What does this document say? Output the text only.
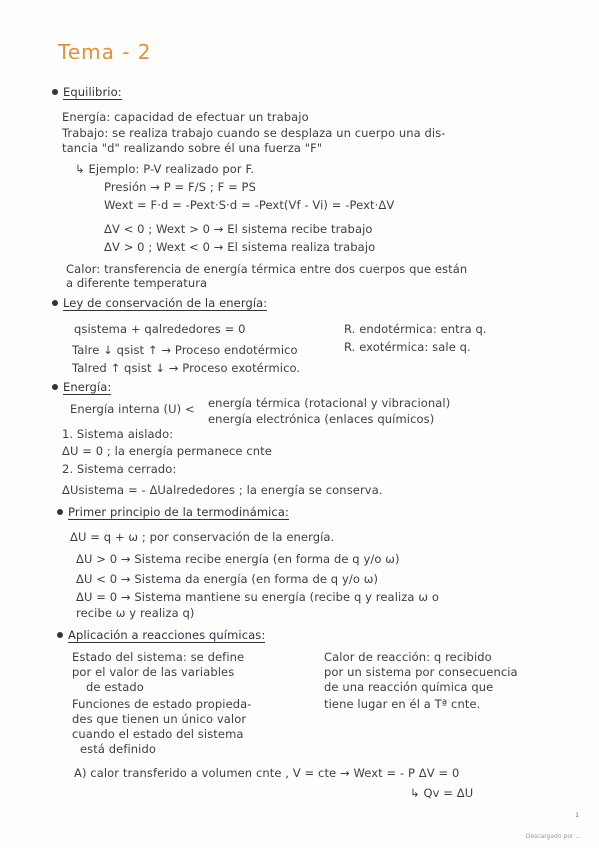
Tema - 2
Equilibrio:
Energía: capacidad de efectuar un trabajo
Trabajo: se realiza trabajo cuando se desplaza un cuerpo una dis-
tancia "d" realizando sobre él una fuerza "F"
↳ Ejemplo: P-V realizado por F.
Presión → P = F/S ; F = PS
Wext = F·d = -Pext·S·d = -Pext(Vf - Vi) = -Pext·ΔV
ΔV < 0 ; Wext > 0 → El sistema recibe trabajo
ΔV > 0 ; Wext < 0 → El sistema realiza trabajo
Calor: transferencia de energía térmica entre dos cuerpos que están
a diferente temperatura
Ley de conservación de la energía:
qsistema + qalrededores = 0
Talre ↓ qsist ↑ → Proceso endotérmico
Talred ↑ qsist ↓ → Proceso exotérmico.
R. endotérmica: entra q.
R. exotérmica: sale q.
Energía:
Energía interna (U) < energía térmica (rotacional y vibracional)
energía electrónica (enlaces químicos)
1. Sistema aislado:
ΔU = 0 ; la energía permanece cnte
2. Sistema cerrado:
ΔUsistema = - ΔUalrededores ; la energía se conserva.
Primer principio de la termodinámica:
ΔU = q + ω ; por conservación de la energía.
ΔU > 0 → Sistema recibe energía (en forma de q y/o ω)
ΔU < 0 → Sistema da energía (en forma de q y/o ω)
ΔU = 0 → Sistema mantiene su energía (recibe q y realiza ω o
recibe ω y realiza q)
Aplicación a reacciones químicas:
Estado del sistema: se define
por el valor de las variables
de estado
Funciones de estado propieda-
des que tienen un único valor
cuando el estado del sistema
está definido
Calor de reacción: q recibido
por un sistema por consecuencia
de una reacción química que
tiene lugar en él a Tª cnte.
A) calor transferido a volumen cnte , V = cte → Wext = - P ΔV = 0
↳ Qv = ΔU
1
Descargado por ...
